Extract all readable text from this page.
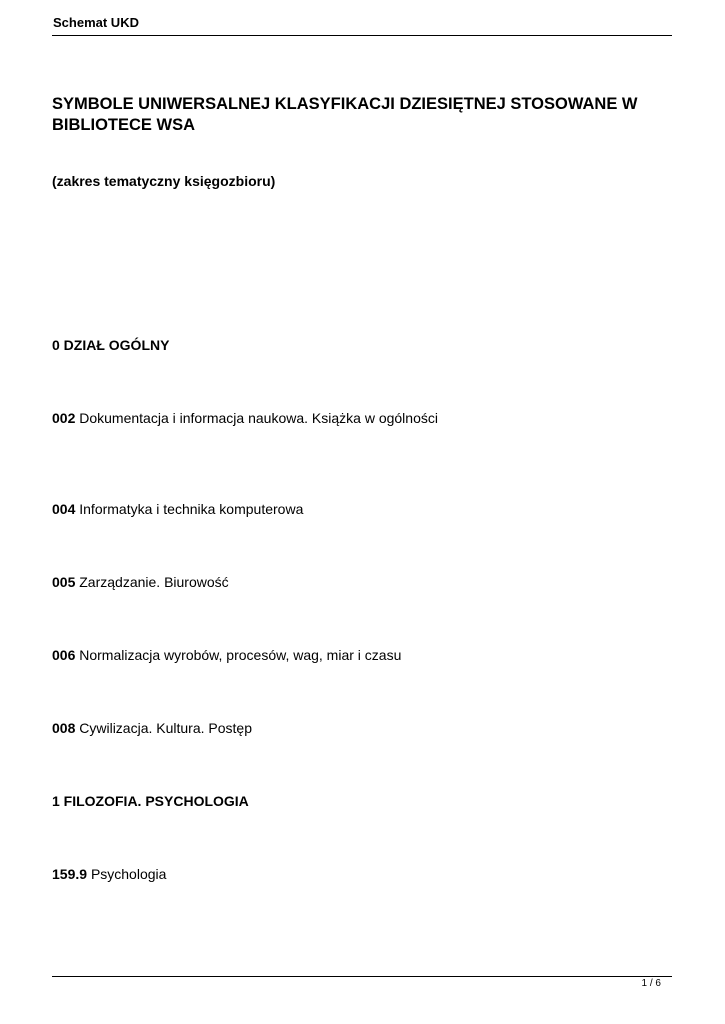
Schemat UKD
SYMBOLE UNIWERSALNEJ KLASYFIKACJI DZIESIĘTNEJ STOSOWANE W BIBLIOTECE WSA
(zakres tematyczny księgozbioru)
0 DZIAŁ OGÓLNY
002 Dokumentacja i informacja naukowa. Książka w ogólności
004 Informatyka i technika komputerowa
005 Zarządzanie. Biurowość
006 Normalizacja wyrobów, procesów, wag, miar i czasu
008 Cywilizacja. Kultura. Postęp
1 FILOZOFIA. PSYCHOLOGIA
159.9 Psychologia
1 / 6
